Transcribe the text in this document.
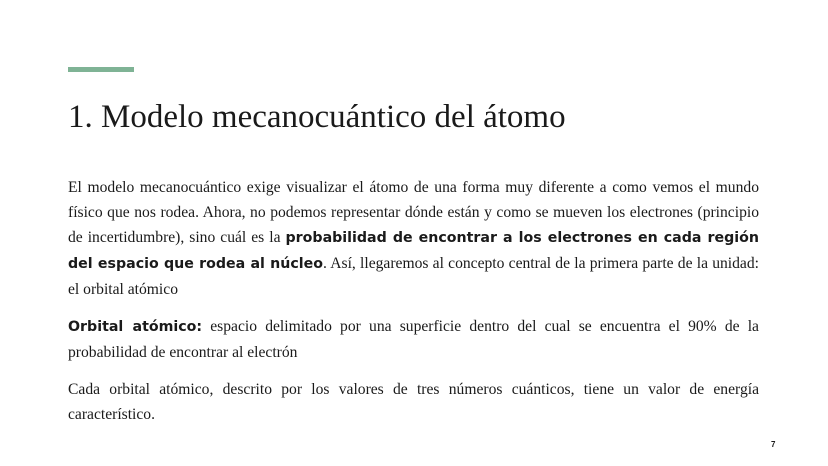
1. Modelo mecanocuántico del átomo

El modelo mecanocuántico exige visualizar el átomo de una forma muy diferente a como vemos el mundo físico que nos rodea. Ahora, no podemos representar dónde están y como se mueven los electrones (principio de incertidumbre), sino cuál es la probabilidad de encontrar a los electrones en cada región del espacio que rodea al núcleo. Así, llegaremos al concepto central de la primera parte de la unidad: el orbital atómico

Orbital atómico: espacio delimitado por una superficie dentro del cual se encuentra el 90% de la probabilidad de encontrar al electrón

Cada orbital atómico, descrito por los valores de tres números cuánticos, tiene un valor de energía característico.

7
